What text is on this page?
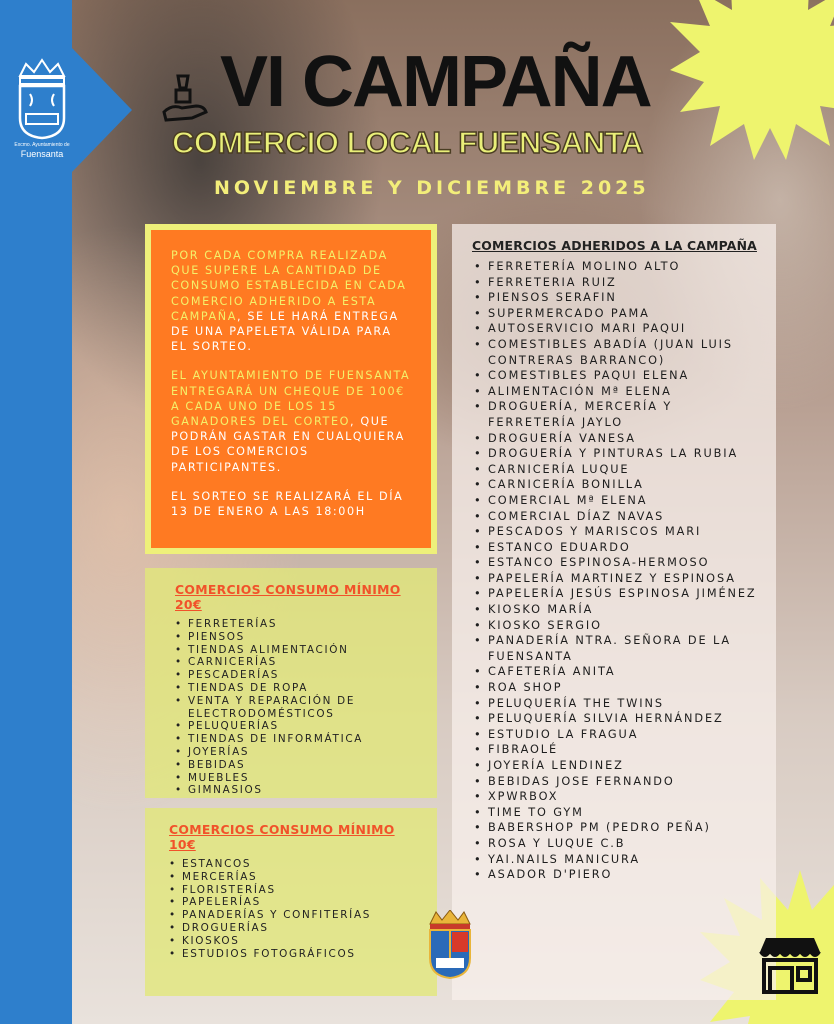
Excmo. Ayuntamiento de
Fuensanta
VI CAMPAÑA
COMERCIO LOCAL FUENSANTA
NOVIEMBRE Y DICIEMBRE 2025

POR CADA COMPRA REALIZADA QUE SUPERE LA CANTIDAD DE CONSUMO ESTABLECIDA EN CADA COMERCIO ADHERIDO A ESTA CAMPAÑA, SE LE HARÁ ENTREGA DE UNA PAPELETA VÁLIDA PARA EL SORTEO.

EL AYUNTAMIENTO DE FUENSANTA ENTREGARÁ UN CHEQUE DE 100€ A CADA UNO DE LOS 15 GANADORES DEL CORTEO, QUE PODRÁN GASTAR EN CUALQUIERA DE LOS COMERCIOS PARTICIPANTES.

EL SORTEO SE REALIZARÁ EL DÍA 13 DE ENERO A LAS 18:00H

COMERCIOS CONSUMO MÍNIMO 20€
• FERRETERÍAS
• PIENSOS
• TIENDAS ALIMENTACIÓN
• CARNICERÍAS
• PESCADERÍAS
• TIENDAS DE ROPA
• VENTA Y REPARACIÓN DE ELECTRODOMÉSTICOS
• PELUQUERÍAS
• TIENDAS DE INFORMÁTICA
• JOYERÍAS
• BEBIDAS
• MUEBLES
• GIMNASIOS
COMERCIOS CONSUMO MÍNIMO 10€
• ESTANCOS
• MERCERÍAS
• FLORISTERÍAS
• PAPELERÍAS
• PANADERÍAS Y CONFITERÍAS
• DROGUERÍAS
• KIOSKOS
• ESTUDIOS FOTOGRÁFICOS
COMERCIOS ADHERIDOS A LA CAMPAÑA
• FERRETERÍA MOLINO ALTO
• FERRETERIA RUIZ
• PIENSOS SERAFIN
• SUPERMERCADO PAMA
• AUTOSERVICIO MARI PAQUI
• COMESTIBLES ABADÍA (JUAN LUIS CONTRERAS BARRANCO)
• COMESTIBLES PAQUI ELENA
• ALIMENTACIÓN Mª ELENA
• DROGUERÍA, MERCERÍA Y FERRETERÍA JAYLO
• DROGUERÍA VANESA
• DROGUERÍA Y PINTURAS LA RUBIA
• CARNICERÍA LUQUE
• CARNICERÍA BONILLA
• COMERCIAL Mª ELENA
• COMERCIAL DÍAZ NAVAS
• PESCADOS Y MARISCOS MARI
• ESTANCO EDUARDO
• ESTANCO ESPINOSA-HERMOSO
• PAPELERÍA MARTINEZ Y ESPINOSA
• PAPELERÍA JESÚS ESPINOSA JIMÉNEZ
• KIOSKO MARÍA
• KIOSKO SERGIO
• PANADERÍA NTRA. SEÑORA DE LA FUENSANTA
• CAFETERÍA ANITA
• ROA SHOP
• PELUQUERÍA THE TWINS
• PELUQUERÍA SILVIA HERNÁNDEZ
• ESTUDIO LA FRAGUA
• FIBRAOLÉ
• JOYERÍA LENDINEZ
• BEBIDAS JOSE FERNANDO
• XPWRBOX
• TIME TO GYM
• BABERSHOP PM (PEDRO PEÑA)
• ROSA Y LUQUE C.B
• YAI.NAILS MANICURA
• ASADOR D'PIERO
